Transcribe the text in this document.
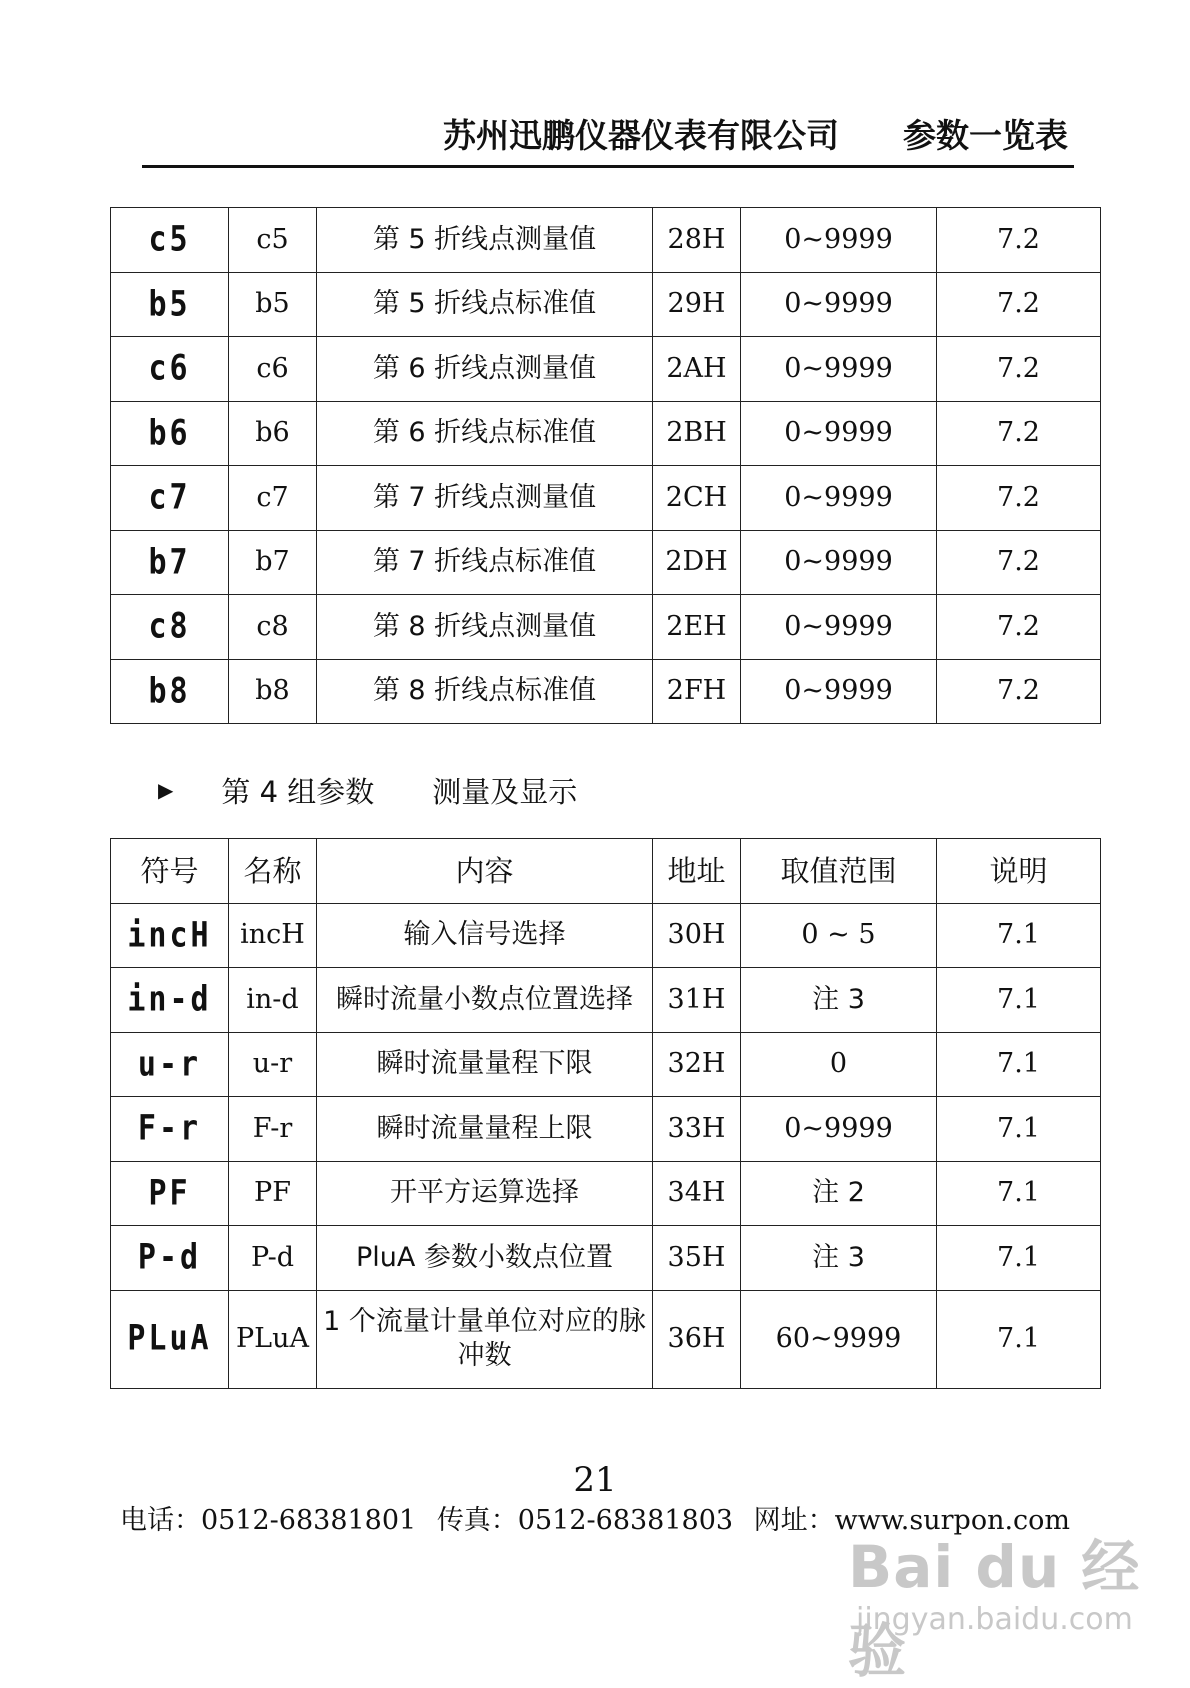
苏州迅鹏仪器仪表有限公司 参数一览表
c5	c5	第 5 折线点测量值	28H	0~9999	7.2
b5	b5	第 5 折线点标准值	29H	0~9999	7.2
c6	c6	第 6 折线点测量值	2AH	0~9999	7.2
b6	b6	第 6 折线点标准值	2BH	0~9999	7.2
c7	c7	第 7 折线点测量值	2CH	0~9999	7.2
b7	b7	第 7 折线点标准值	2DH	0~9999	7.2
c8	c8	第 8 折线点测量值	2EH	0~9999	7.2
b8	b8	第 8 折线点标准值	2FH	0~9999	7.2
▶ 第 4 组参数 测量及显示
符号	名称	内容	地址	取值范围	说明
incH	incH	输入信号选择	30H	0 ~ 5	7.1
in-d	in-d	瞬时流量小数点位置选择	31H	注 3	7.1
u-r	u-r	瞬时流量量程下限	32H	0	7.1
F-r	F-r	瞬时流量量程上限	33H	0~9999	7.1
PF	PF	开平方运算选择	34H	注 2	7.1
P-d	P-d	PluA 参数小数点位置	35H	注 3	7.1
PLuA	PLuA	1 个流量计量单位对应的脉冲数	36H	60~9999	7.1
21
电话：0512-68381801 传真：0512-68381803 网址：www.surpon.com
Bai du 经验
jingyan.baidu.com
